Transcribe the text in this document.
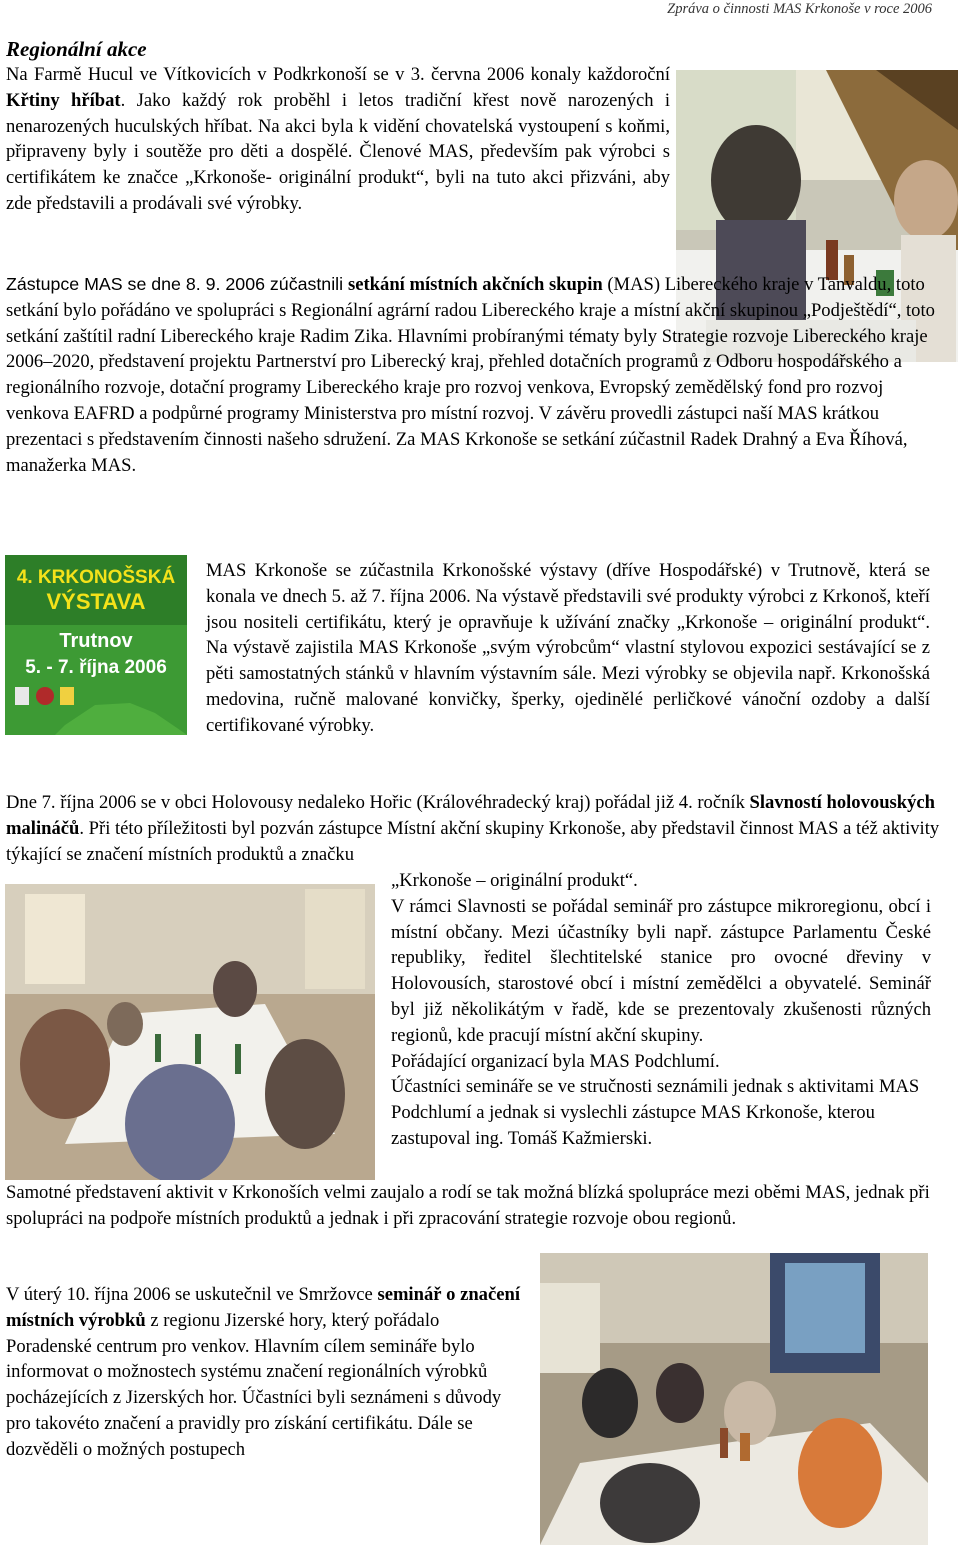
Zpráva o činnosti MAS Krkonoše v roce 2006
Regionální akce

Na Farmě Hucul ve Vítkovicích v Podkrkonoší se v 3. června 2006 konaly každoroční Křtiny hříbat. Jako každý rok proběhl i letos tradiční křest nově narozených i nenarozených huculských hříbat. Na akci byla k vidění chovatelská vystoupení s koňmi, připraveny byly i soutěže pro děti a dospělé. Členové MAS, především pak výrobci s certifikátem ke značce „Krkonoše- originální produkt“, byli na tuto akci přizváni, aby zde představili a prodávali své výrobky.

Zástupce MAS se dne 8. 9. 2006 zúčastnili setkání místních akčních skupin (MAS) Libereckého kraje v Tanvaldu, toto setkání bylo pořádáno ve spolupráci s Regionální agrární radou Libereckého kraje a místní akční skupinou „Podještědí“, toto setkání zaštítil radní Libereckého kraje Radim Zika. Hlavními probíranými tématy byly Strategie rozvoje Libereckého kraje 2006–2020, představení projektu Partnerství pro Liberecký kraj, přehled dotačních programů z Odboru hospodářského a regionálního rozvoje, dotační programy Libereckého kraje pro rozvoj venkova, Evropský zemědělský fond pro rozvoj venkova EAFRD a podpůrné programy Ministerstva pro místní rozvoj. V závěru provedli zástupci naší MAS krátkou prezentaci s představením činnosti našeho sdružení. Za MAS Krkonoše se setkání zúčastnil Radek Drahný a Eva Říhová, manažerka MAS.

4. KRKONOŠSKÁ
VÝSTAVA
Trutnov
5. - 7. října 2006

MAS Krkonoše se zúčastnila Krkonošské výstavy (dříve Hospodářské) v Trutnově, která se konala ve dnech 5. až 7. října 2006. Na výstavě představili své produkty výrobci z Krkonoš, kteří jsou nositeli certifikátu, který je opravňuje k užívání značky „Krkonoše – originální produkt“. Na výstavě zajistila MAS Krkonoše „svým výrobcům“ vlastní stylovou expozici sestávající se z pěti samostatných stánků v hlavním výstavním sále. Mezi výrobky se objevila např. Krkonošská medovina, ručně malované konvičky, šperky, ojedinělé perličkové vánoční ozdoby a další certifikované výrobky.

Dne 7. října 2006 se v obci Holovousy nedaleko Hořic (Královéhradecký kraj) pořádal již 4. ročník Slavností holovouských malináčů. Při této příležitosti byl pozván zástupce Místní akční skupiny Krkonoše, aby představil činnost MAS a též aktivity týkající se značení místních produktů a značku

„Krkonoše – originální produkt“.
V rámci Slavnosti se pořádal seminář pro zástupce mikroregionu, obcí i místní občany. Mezi účastníky byli např. zástupce Parlamentu České republiky, ředitel šlechtitelské stanice pro ovocné dřeviny v Holovousích, starostové obcí i místní zemědělci a obyvatelé. Seminář byl již několikátým v řadě, kde se prezentovaly zkušenosti různých regionů, kde pracují místní akční skupiny.
Pořádající organizací byla MAS Podchlumí.
Účastníci semináře se ve stručnosti seznámili jednak s aktivitami MAS Podchlumí a jednak si vyslechli zástupce MAS Krkonoše, kterou zastupoval ing. Tomáš Kažmierski.

Samotné představení aktivit v Krkonoších velmi zaujalo a rodí se tak možná blízká spolupráce mezi oběmi MAS, jednak při spolupráci na podpoře místních produktů a jednak i při zpracování strategie rozvoje obou regionů.

V úterý 10. října 2006 se uskutečnil ve Smržovce seminář o značení místních výrobků z regionu Jizerské hory, který pořádalo Poradenské centrum pro venkov. Hlavním cílem semináře bylo informovat o možnostech systému značení regionálních výrobků pocházejících z Jizerských hor. Účastníci byli seznámeni s důvody pro takovéto značení a pravidly pro získání certifikátu. Dále se dozvěděli o možných postupech
